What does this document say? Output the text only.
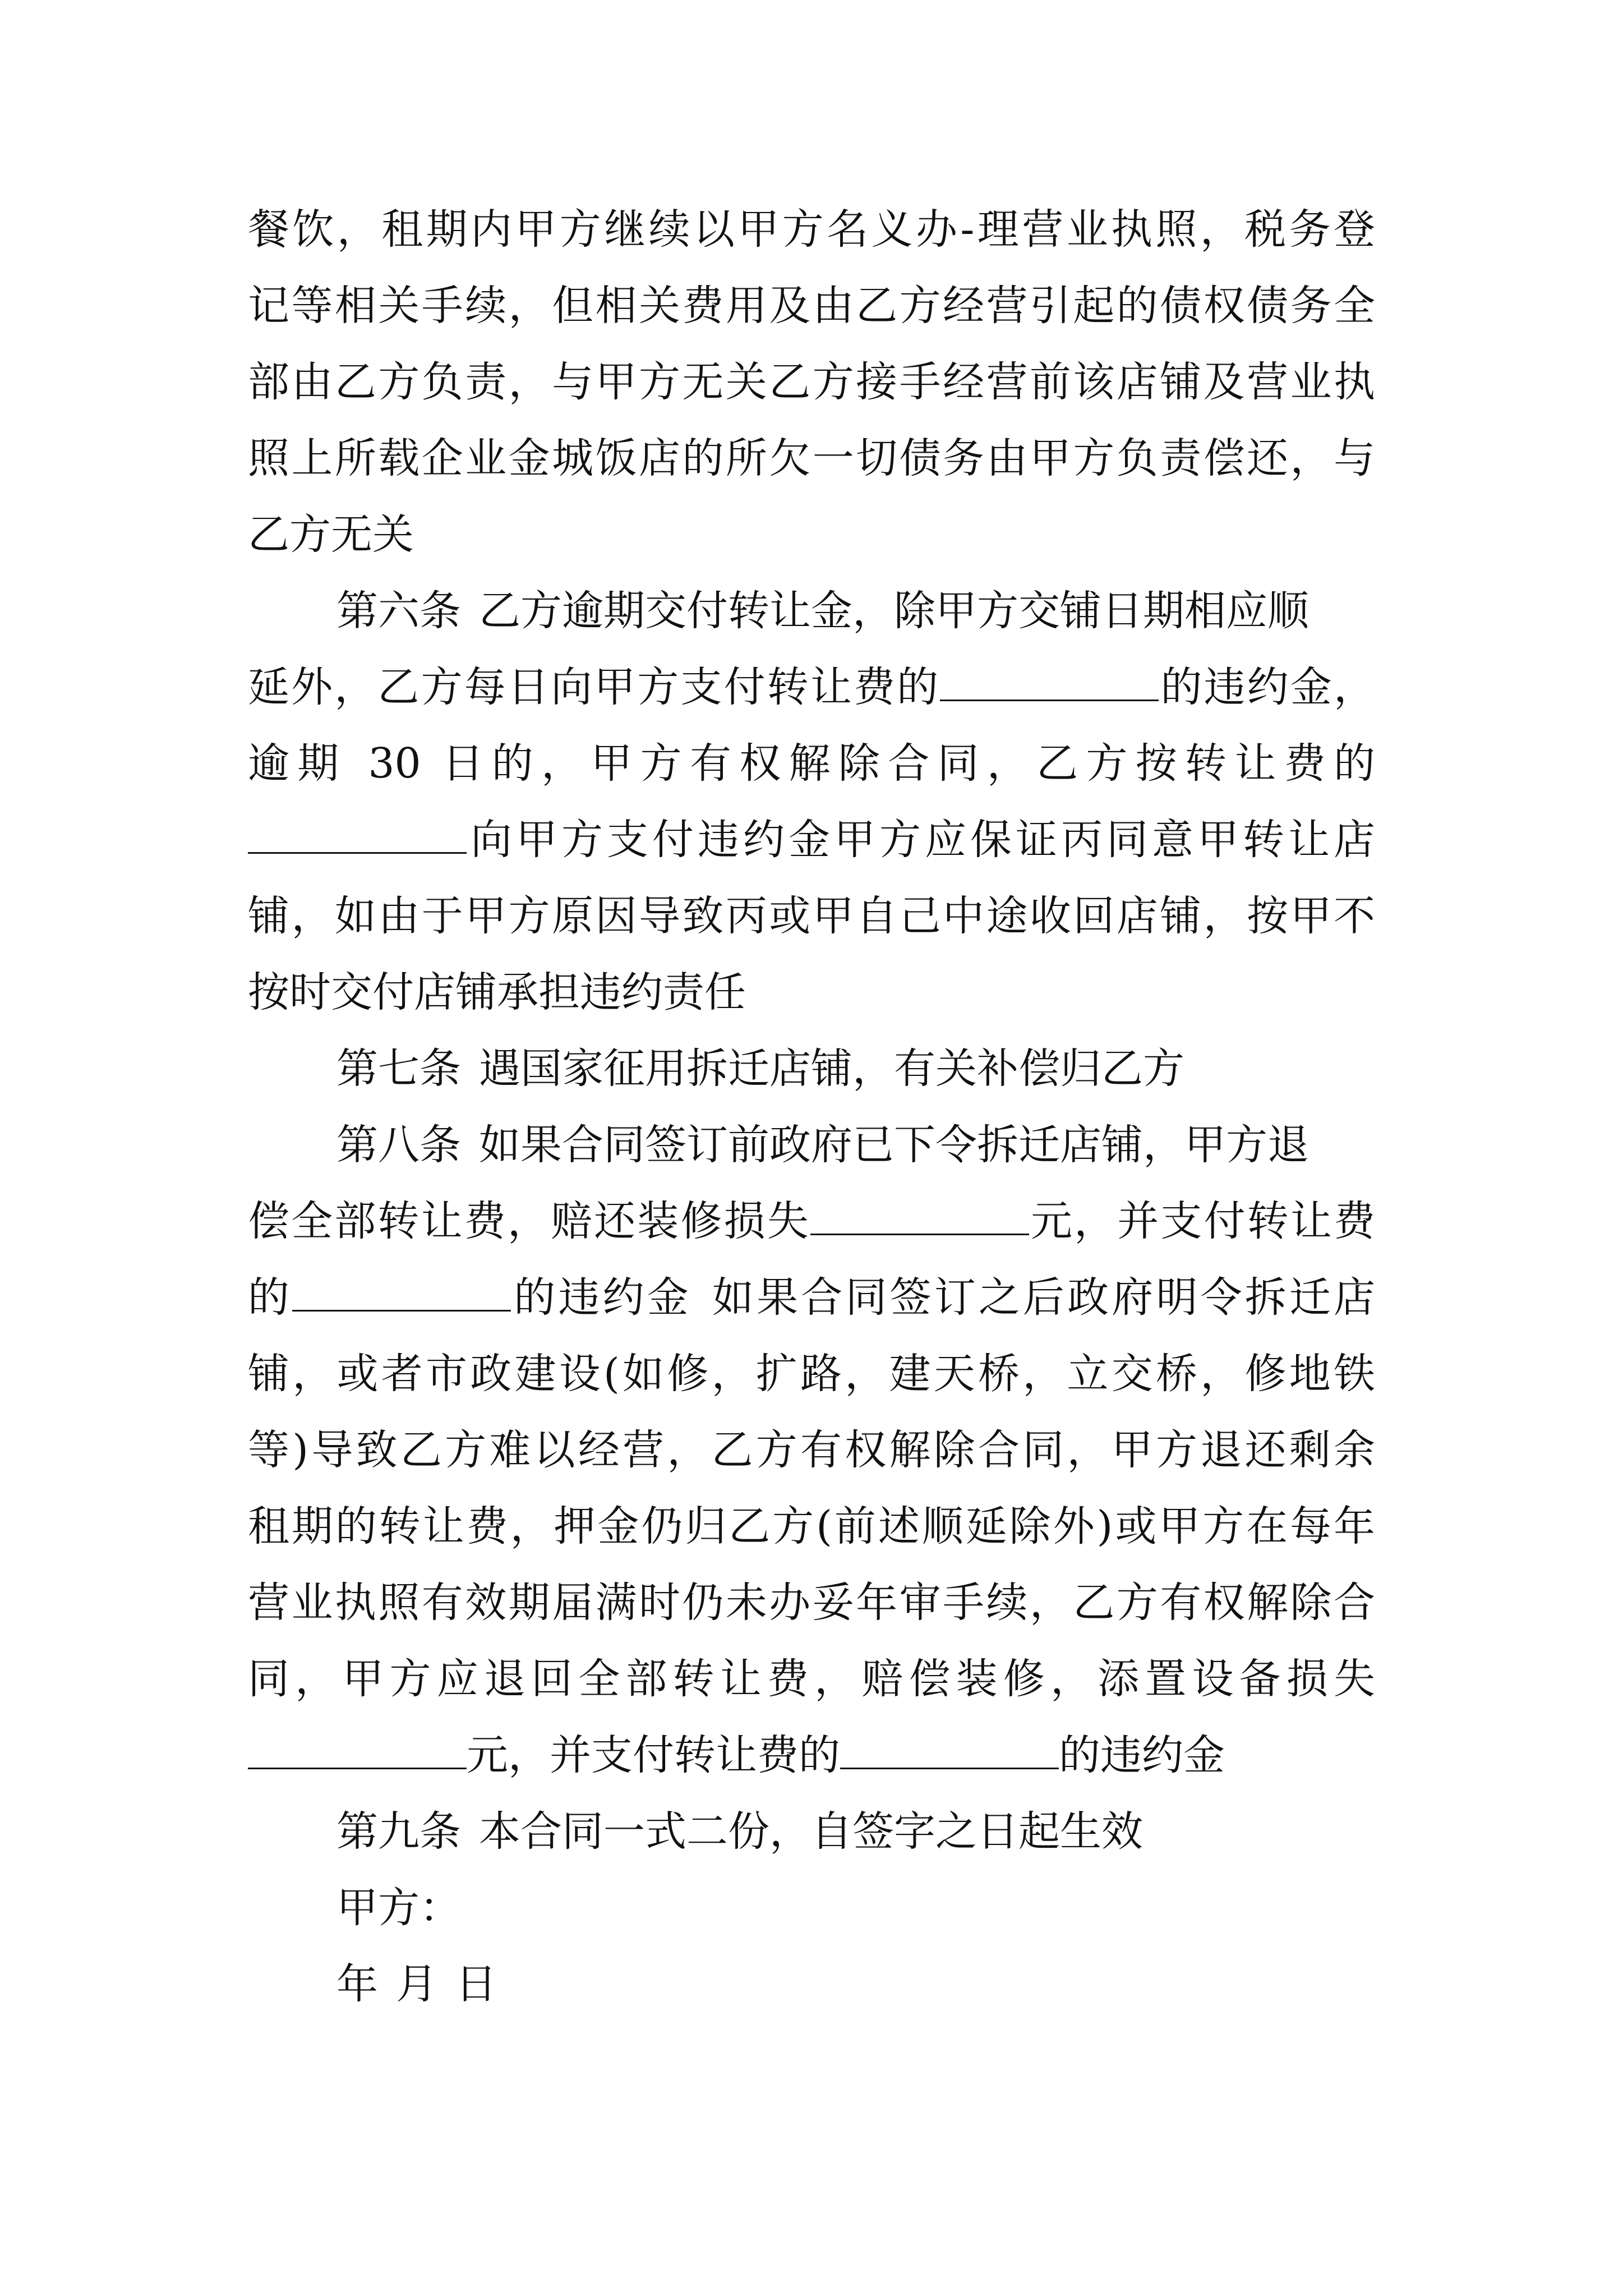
餐饮，租期内甲方继续以甲方名义办-理营业执照，税务登
记等相关手续，但相关费用及由乙方经营引起的债权债务全
部由乙方负责，与甲方无关乙方接手经营前该店铺及营业执
照上所载企业金城饭店的所欠一切债务由甲方负责偿还，与
乙方无关
第六条 乙方逾期交付转让金，除甲方交铺日期相应顺
延外，乙方每日向甲方支付转让费的	的违约金，
逾期 30 日的，甲方有权解除合同，乙方按转让费的
向甲方支付违约金甲方应保证丙同意甲转让店
铺，如由于甲方原因导致丙或甲自己中途收回店铺，按甲不
按时交付店铺承担违约责任
第七条 遇国家征用拆迁店铺，有关补偿归乙方
第八条 如果合同签订前政府已下令拆迁店铺，甲方退
偿全部转让费，赔还装修损失	元，并支付转让费
的	的违约金 如果合同签订之后政府明令拆迁店
铺，或者市政建设(如修，扩路，建天桥，立交桥，修地铁
等)导致乙方难以经营，乙方有权解除合同，甲方退还剩余
租期的转让费，押金仍归乙方(前述顺延除外)或甲方在每年
营业执照有效期届满时仍未办妥年审手续，乙方有权解除合
同，甲方应退回全部转让费，赔偿装修，添置设备损失
元，并支付转让费的	的违约金
第九条 本合同一式二份，自签字之日起生效
甲方：
年 月 日
